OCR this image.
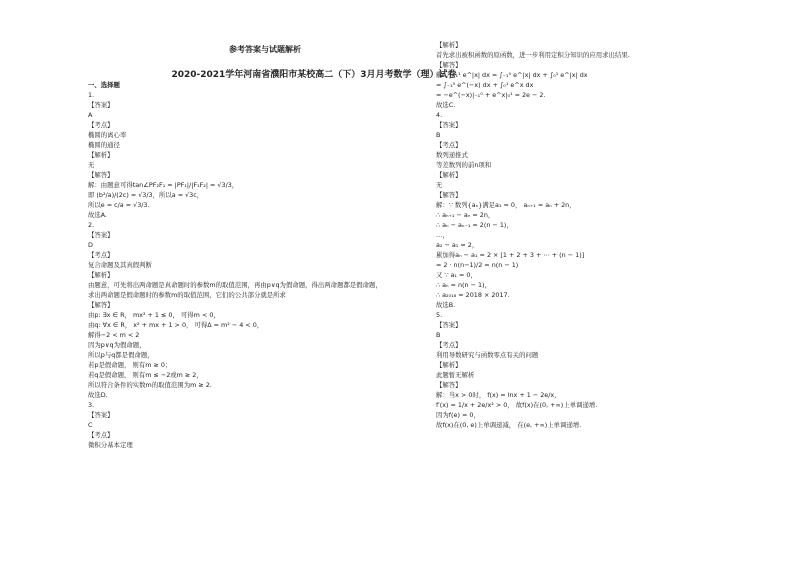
参考答案与试题解析
2020-2021学年河南省濮阳市某校高二（下）3月月考数学（理）试卷
一、选择题
1.
【答案】
A
【考点】
椭圆的离心率
椭圆的通径
【解析】
无
【解答】
解：由题意可得tan∠PF₂F₁ = |PF₁|/|F₁F₂| = √3/3，
即 (b²/a)/(2c) = √3/3，所以a = √3c，
所以e = c/a = √3/3.
故选A.
2.
【答案】
D
【考点】
复合命题及其真假判断
【解析】
由题意，可先将出两命题是真命题时的参数m的取值范围，再由p∨q为假命题，得出两命题都是假命题，
求出两命题是假命题时的参数m的取值范围，它们的公共部分就是所求
【解答】
由p: ∃x ∈ R， mx² + 1 ≤ 0， 可得m < 0，
由q: ∀x ∈ R， x² + mx + 1 > 0， 可得Δ = m² − 4 < 0，
解得−2 < m < 2
因为p∨q为假命题，
所以p与q都是假命题，
若p是假命题， 则有m ≥ 0；
若q是假命题， 则有m ≤ −2或m ≥ 2，
所以符合条件的实数m的取值范围为m ≥ 2.
故选D.
3.
【答案】
C
【考点】
微积分基本定理
【解析】
首先求出被积函数的原函数，进一步利用定积分知识的应用求出结果.
【解答】
解：∫₋₁¹ e^|x| dx = ∫₋₁⁰ e^|x| dx + ∫₀¹ e^|x| dx
= ∫₋₁⁰ e^(−x) dx + ∫₀¹ e^x dx
= −e^(−x)|₋₁⁰ + e^x|₀¹ = 2e − 2.
故选C.
4.
【答案】
B
【考点】
数列递推式
等差数列的前n项和
【解析】
无
【解答】
解：∵ 数列{aₙ}满足a₁ = 0， aₙ₊₁ = aₙ + 2n，
∴ aₙ₊₁ − aₙ = 2n，
∴ aₙ − aₙ₋₁ = 2(n − 1)，
…，
a₂ − a₁ = 2，
累加得aₙ − a₁ = 2 × [1 + 2 + 3 + ⋯ + (n − 1)]
= 2 · n(n−1)/2 = n(n − 1)
又 ∵ a₁ = 0，
∴ aₙ = n(n − 1)，
∴ a₂₀₁₈ = 2018 × 2017.
故选B.
5.
【答案】
B
【考点】
利用导数研究与函数零点有关的问题
【解析】
此题暂无解析
【解答】
解：当x > 0时， f(x) = lnx + 1 − 2e/x，
f′(x) = 1/x + 2e/x² > 0， 故f(x)在(0, +∞)上单调递增.
因为f(e) = 0，
故f(x)在(0, e)上单调递减， 在(e, +∞)上单调递增.
